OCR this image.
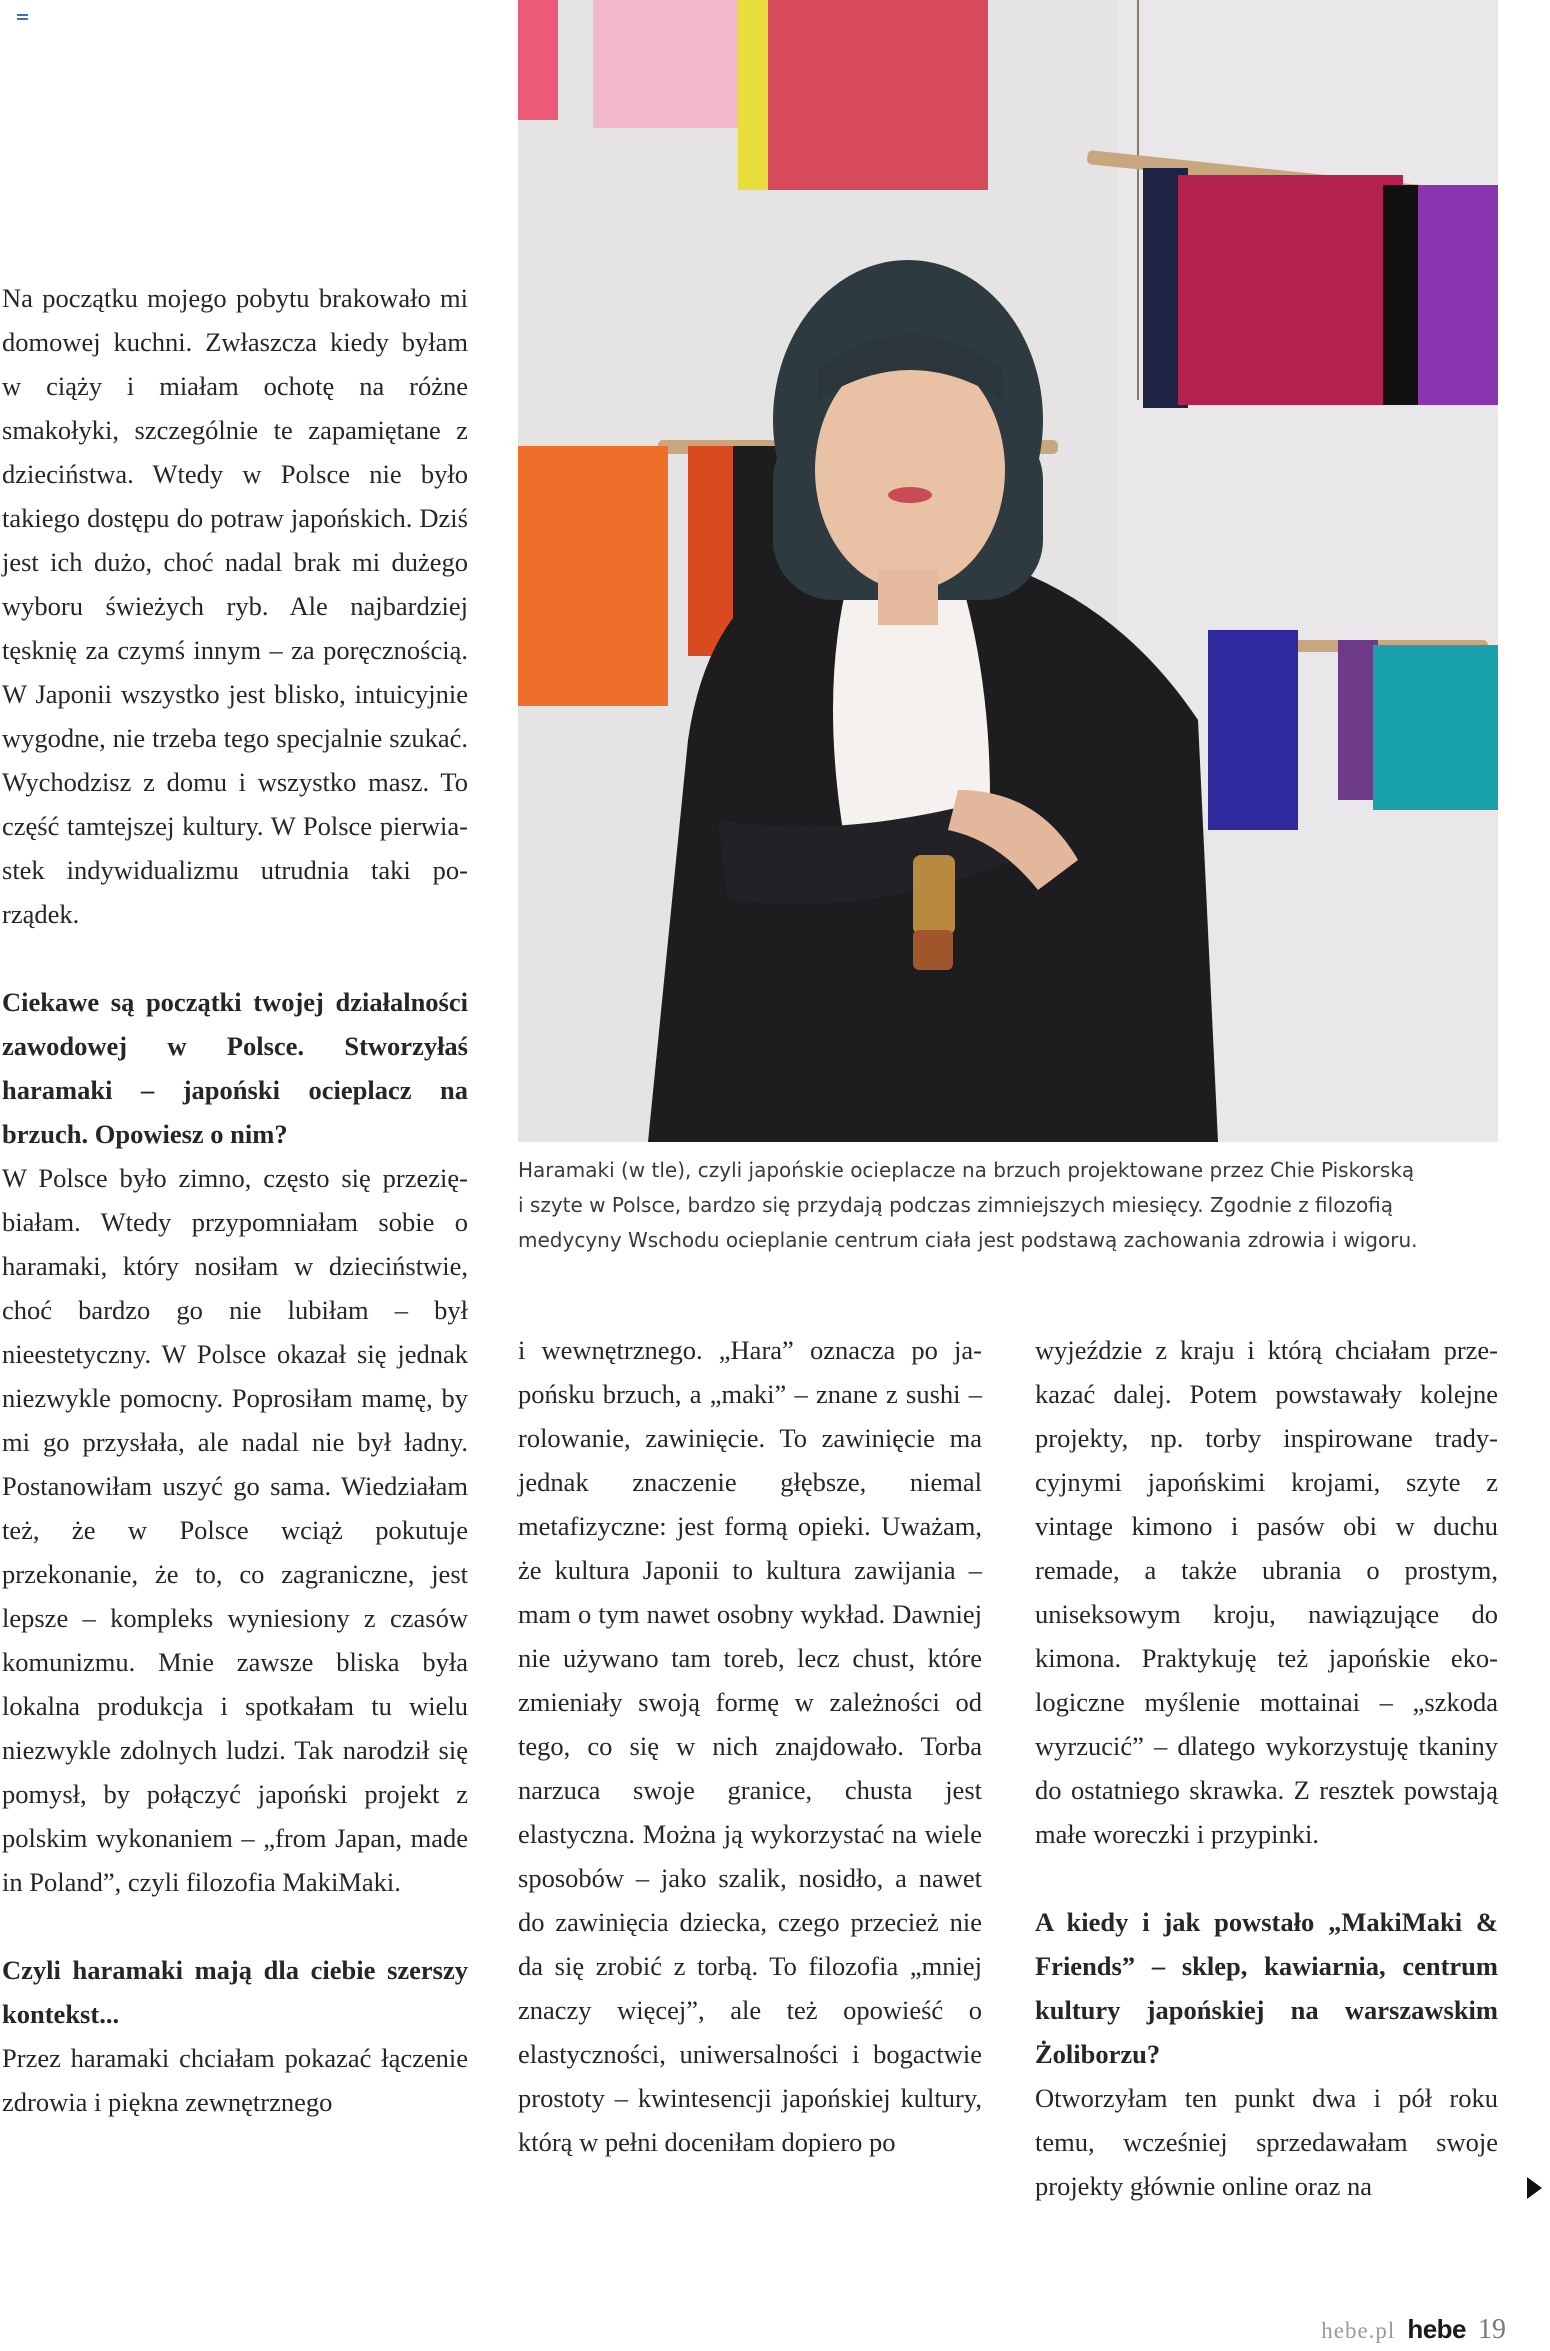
Na początku mojego pobytu brakowało mi domowej kuchni. Zwłaszcza kiedy byłam w ciąży i miałam ochotę na różne smakołyki, szczególnie te zapamiętane z dzieciństwa. Wtedy w Polsce nie było takiego dostępu do potraw japońskich. Dziś jest ich dużo, choć nadal brak mi dużego wyboru świeżych ryb. Ale najbardziej tęsknię za czymś innym – za poręcznością. W Japonii wszystko jest blisko, intuicyjnie wygodne, nie trzeba tego specjalnie szukać. Wychodzisz z domu i wszystko masz. To część tamtejszej kultury. W Polsce pierwiastek indywidualizmu utrudnia taki porządek.

Ciekawe są początki twojej działalności zawodowej w Polsce. Stworzyłaś haramaki – japoński ocieplacz na brzuch. Opowiesz o nim?

W Polsce było zimno, często się przeziębiałam. Wtedy przypomniałam sobie o haramaki, który nosiłam w dzieciństwie, choć bardzo go nie lubiłam – był nieestetyczny. W Polsce okazał się jednak niezwykle pomocny. Poprosiłam mamę, by mi go przysłała, ale nadal nie był ładny. Postanowiłam uszyć go sama. Wiedziałam też, że w Polsce wciąż pokutuje przekonanie, że to, co zagraniczne, jest lepsze – kompleks wyniesiony z czasów komunizmu. Mnie zawsze bliska była lokalna produkcja i spotkałam tu wielu niezwykle zdolnych ludzi. Tak narodził się pomysł, by połączyć japoński projekt z polskim wykonaniem – „from Japan, made in Poland”, czyli filozofia MakiMaki.

Czyli haramaki mają dla ciebie szerszy kontekst...

Przez haramaki chciałam pokazać łączenie zdrowia i piękna zewnętrznego

i wewnętrznego. „Hara” oznacza po japońsku brzuch, a „maki” – znane z sushi – rolowanie, zawinięcie. To zawinięcie ma jednak znaczenie głębsze, niemal metafizyczne: jest formą opieki. Uważam, że kultura Japonii to kultura zawijania – mam o tym nawet osobny wykład. Dawniej nie używano tam toreb, lecz chust, które zmieniały swoją formę w zależności od tego, co się w nich znajdowało. Torba narzuca swoje granice, chusta jest elastyczna. Można ją wykorzystać na wiele sposobów – jako szalik, nosidło, a nawet do zawinięcia dziecka, czego przecież nie da się zrobić z torbą. To filozofia „mniej znaczy więcej”, ale też opowieść o elastyczności, uniwersalności i bogactwie prostoty – kwintesencji japońskiej kultury, którą w pełni doceniłam dopiero po

wyjeździe z kraju i którą chciałam przekazać dalej. Potem powstawały kolejne projekty, np. torby inspirowane tradycyjnymi japońskimi krojami, szyte z vintage kimono i pasów obi w duchu remade, a także ubrania o prostym, uniseksowym kroju, nawiązujące do kimona. Praktykuję też japońskie ekologiczne myślenie mottainai – „szkoda wyrzucić” – dlatego wykorzystuję tkaniny do ostatniego skrawka. Z resztek powstają małe woreczki i przypinki.

A kiedy i jak powstało „MakiMaki & Friends” – sklep, kawiarnia, centrum kultury japońskiej na warszawskim Żoliborzu?

Otworzyłam ten punkt dwa i pół roku temu, wcześniej sprzedawałam swoje projekty głównie online oraz na

Haramaki (w tle), czyli japońskie ocieplacze na brzuch projektowane przez Chie Piskorską

i szyte w Polsce, bardzo się przydają podczas zimniejszych miesięcy. Zgodnie z filozofią

medycyny Wschodu ocieplanie centrum ciała jest podstawą zachowania zdrowia i wigoru.

hebe.pl hebe 19
